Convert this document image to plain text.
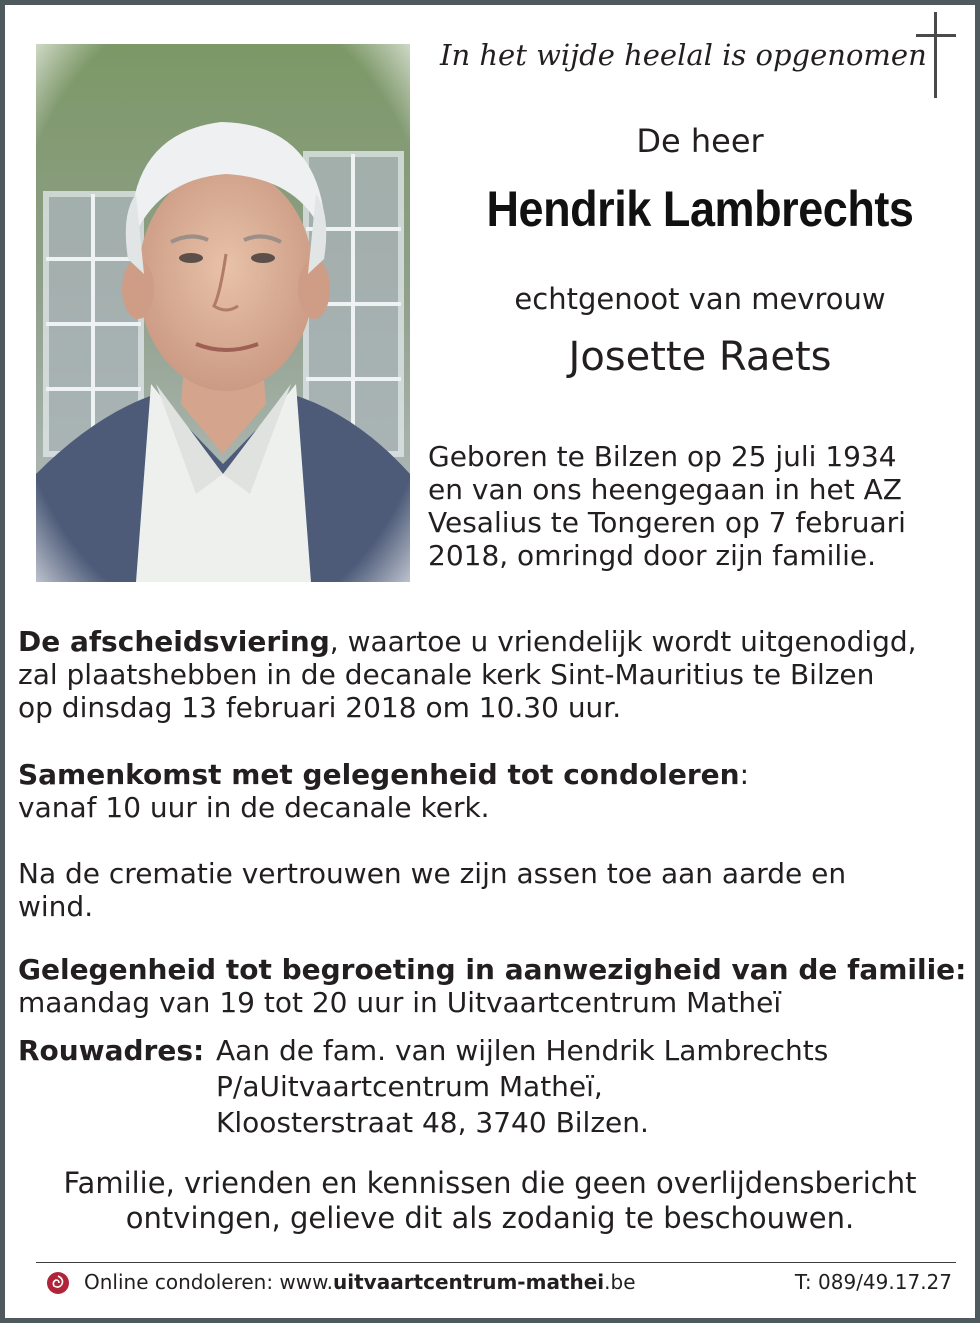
In het wijde heelal is opgenomen
De heer
Hendrik Lambrechts
echtgenoot van mevrouw
Josette Raets
Geboren te Bilzen op 25 juli 1934
en van ons heengegaan in het AZ
Vesalius te Tongeren op 7 februari
2018, omringd door zijn familie.
De afscheidsviering, waartoe u vriendelijk wordt uitgenodigd,
zal plaatshebben in de decanale kerk Sint-Mauritius te Bilzen
op dinsdag 13 februari 2018 om 10.30 uur.
Samenkomst met gelegenheid tot condoleren:
vanaf 10 uur in de decanale kerk.
Na de crematie vertrouwen we zijn assen toe aan aarde en
wind.
Gelegenheid tot begroeting in aanwezigheid van de familie:
maandag van 19 tot 20 uur in Uitvaartcentrum Matheï
Rouwadres: Aan de fam. van wijlen Hendrik Lambrechts
P/aUitvaartcentrum Matheï,
Kloosterstraat 48, 3740 Bilzen.
Familie, vrienden en kennissen die geen overlijdensbericht
ontvingen, gelieve dit als zodanig te beschouwen.
Online condoleren: www.uitvaartcentrum-mathei.be	T: 089/49.17.27
